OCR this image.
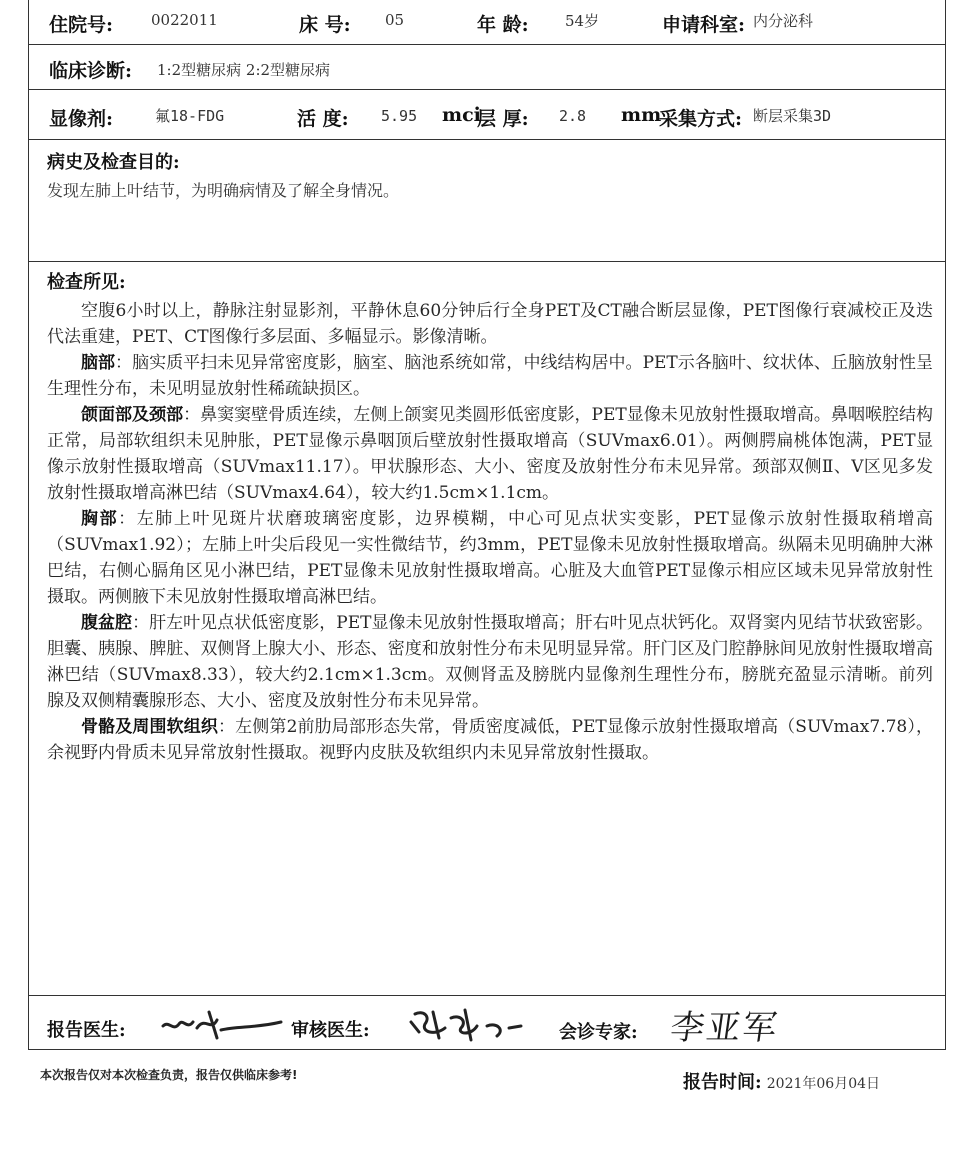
住院号:	0022011	床 号: 05	年 龄: 54岁	申请科室: 内分泌科
临床诊断: 1:2型糖尿病 2:2型糖尿病
显像剂:	氟18-FDG	活 度: 5.95 mci
层 厚: 2.8 mm
采集方式: 断层采集3D
病史及检查目的:
发现左肺上叶结节，为明确病情及了解全身情况。
检查所见:

空腹6小时以上，静脉注射显影剂，平静休息60分钟后行全身PET及CT融合断层显像，PET图像行衰减校正及迭代法重建，PET、CT图像行多层面、多幅显示。影像清晰。

脑部：脑实质平扫未见异常密度影，脑室、脑池系统如常，中线结构居中。PET示各脑叶、纹状体、丘脑放射性呈生理性分布，未见明显放射性稀疏缺损区。

颌面部及颈部：鼻窦窦壁骨质连续，左侧上颌窦见类圆形低密度影，PET显像未见放射性摄取增高。鼻咽喉腔结构正常，局部软组织未见肿胀，PET显像示鼻咽顶后壁放射性摄取增高（SUVmax6.01）。两侧腭扁桃体饱满，PET显像示放射性摄取增高（SUVmax11.17）。甲状腺形态、大小、密度及放射性分布未见异常。颈部双侧Ⅱ、Ⅴ区见多发放射性摄取增高淋巴结（SUVmax4.64），较大约1.5cm×1.1cm。

胸部：左肺上叶见斑片状磨玻璃密度影，边界模糊，中心可见点状实变影，PET显像示放射性摄取稍增高（SUVmax1.92）；左肺上叶尖后段见一实性微结节，约3mm，PET显像未见放射性摄取增高。纵隔未见明确肿大淋巴结，右侧心膈角区见小淋巴结，PET显像未见放射性摄取增高。心脏及大血管PET显像示相应区域未见异常放射性摄取。两侧腋下未见放射性摄取增高淋巴结。

腹盆腔：肝左叶见点状低密度影，PET显像未见放射性摄取增高；肝右叶见点状钙化。双肾窦内见结节状致密影。胆囊、胰腺、脾脏、双侧肾上腺大小、形态、密度和放射性分布未见明显异常。肝门区及门腔静脉间见放射性摄取增高淋巴结（SUVmax8.33），较大约2.1cm×1.3cm。双侧肾盂及膀胱内显像剂生理性分布，膀胱充盈显示清晰。前列腺及双侧精囊腺形态、大小、密度及放射性分布未见异常。

骨骼及周围软组织：左侧第2前肋局部形态失常，骨质密度减低，PET显像示放射性摄取增高（SUVmax7.78），余视野内骨质未见异常放射性摄取。视野内皮肤及软组织内未见异常放射性摄取。

报告医生:	审核医生:	会诊专家: 李亚军
本次报告仅对本次检查负责，报告仅供临床参考!	报告时间: 2021年06月04日
